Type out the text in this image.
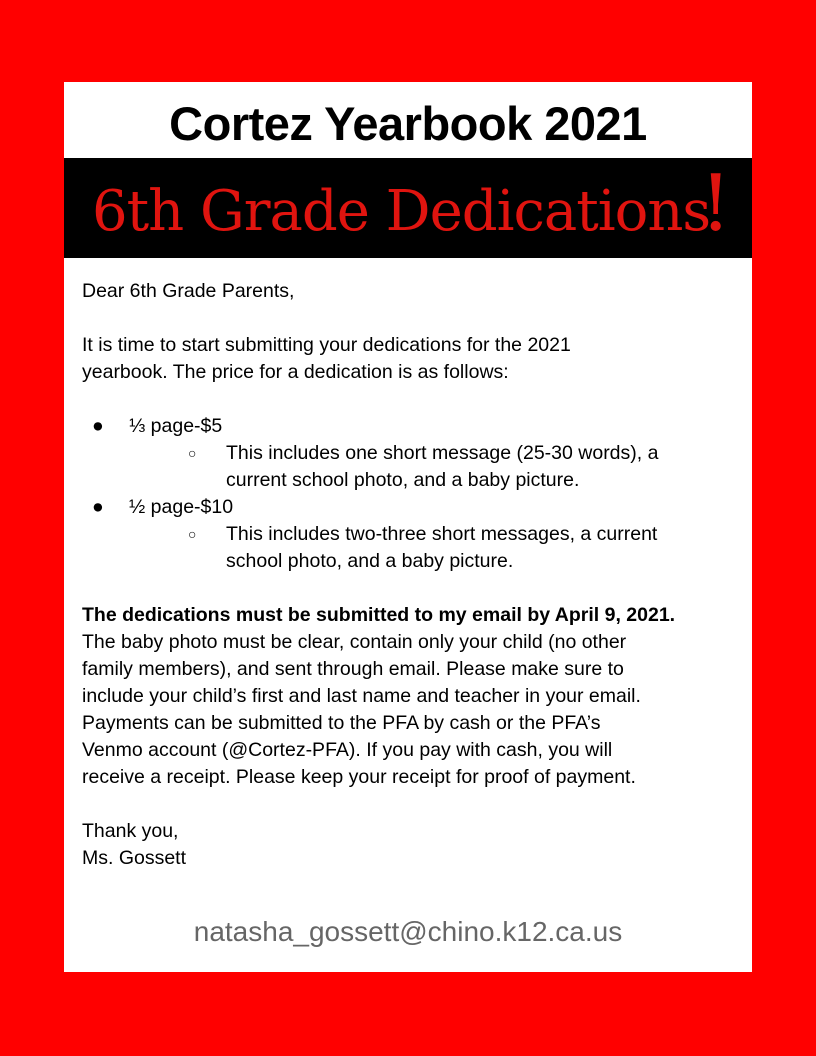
Cortez Yearbook 2021
6th Grade Dedications
!

Dear 6th Grade Parents,

It is time to start submitting your dedications for the 2021

yearbook. The price for a dedication is as follows:

● ⅓ page-$5
○ This includes one short message (25-30 words), a
current school photo, and a baby picture.
● ½ page-$10
○ This includes two-three short messages, a current
school photo, and a baby picture.

The dedications must be submitted to my email by April 9, 2021.

The baby photo must be clear, contain only your child (no other

family members), and sent through email. Please make sure to

include your child’s first and last name and teacher in your email.

Payments can be submitted to the PFA by cash or the PFA’s

Venmo account (@Cortez-PFA). If you pay with cash, you will

receive a receipt. Please keep your receipt for proof of payment.

Thank you,

Ms. Gossett

natasha_gossett@chino.k12.ca.us
